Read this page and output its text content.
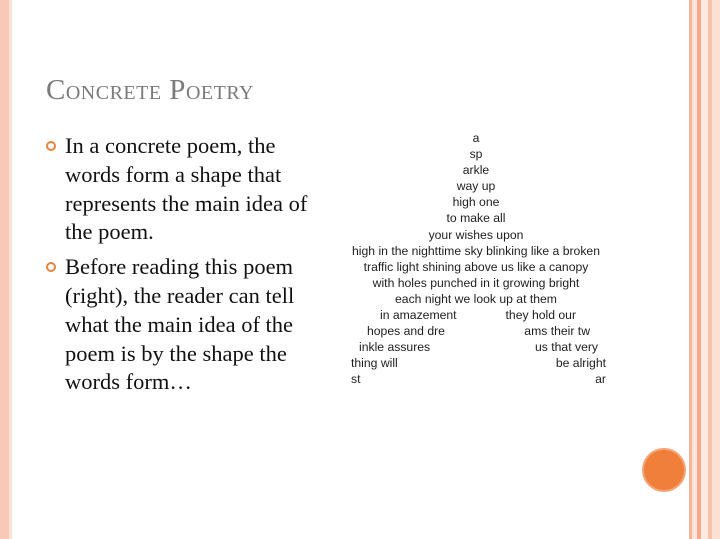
Concrete Poetry
In a concrete poem, the words form a shape that represents the main idea of the poem.
Before reading this poem (right), the reader can tell what the main idea of the poem is by the shape the words form…
a
sp
arkle
way up
high one
to make all
your wishes upon
high in the nighttime sky blinking like a broken
traffic light shining above us like a canopy
with holes punched in it growing bright
each night we look up at them
in amazement	they hold our
hopes and dre	ams their tw
inkle assures	us that very
thing will	be alright
st	ar
